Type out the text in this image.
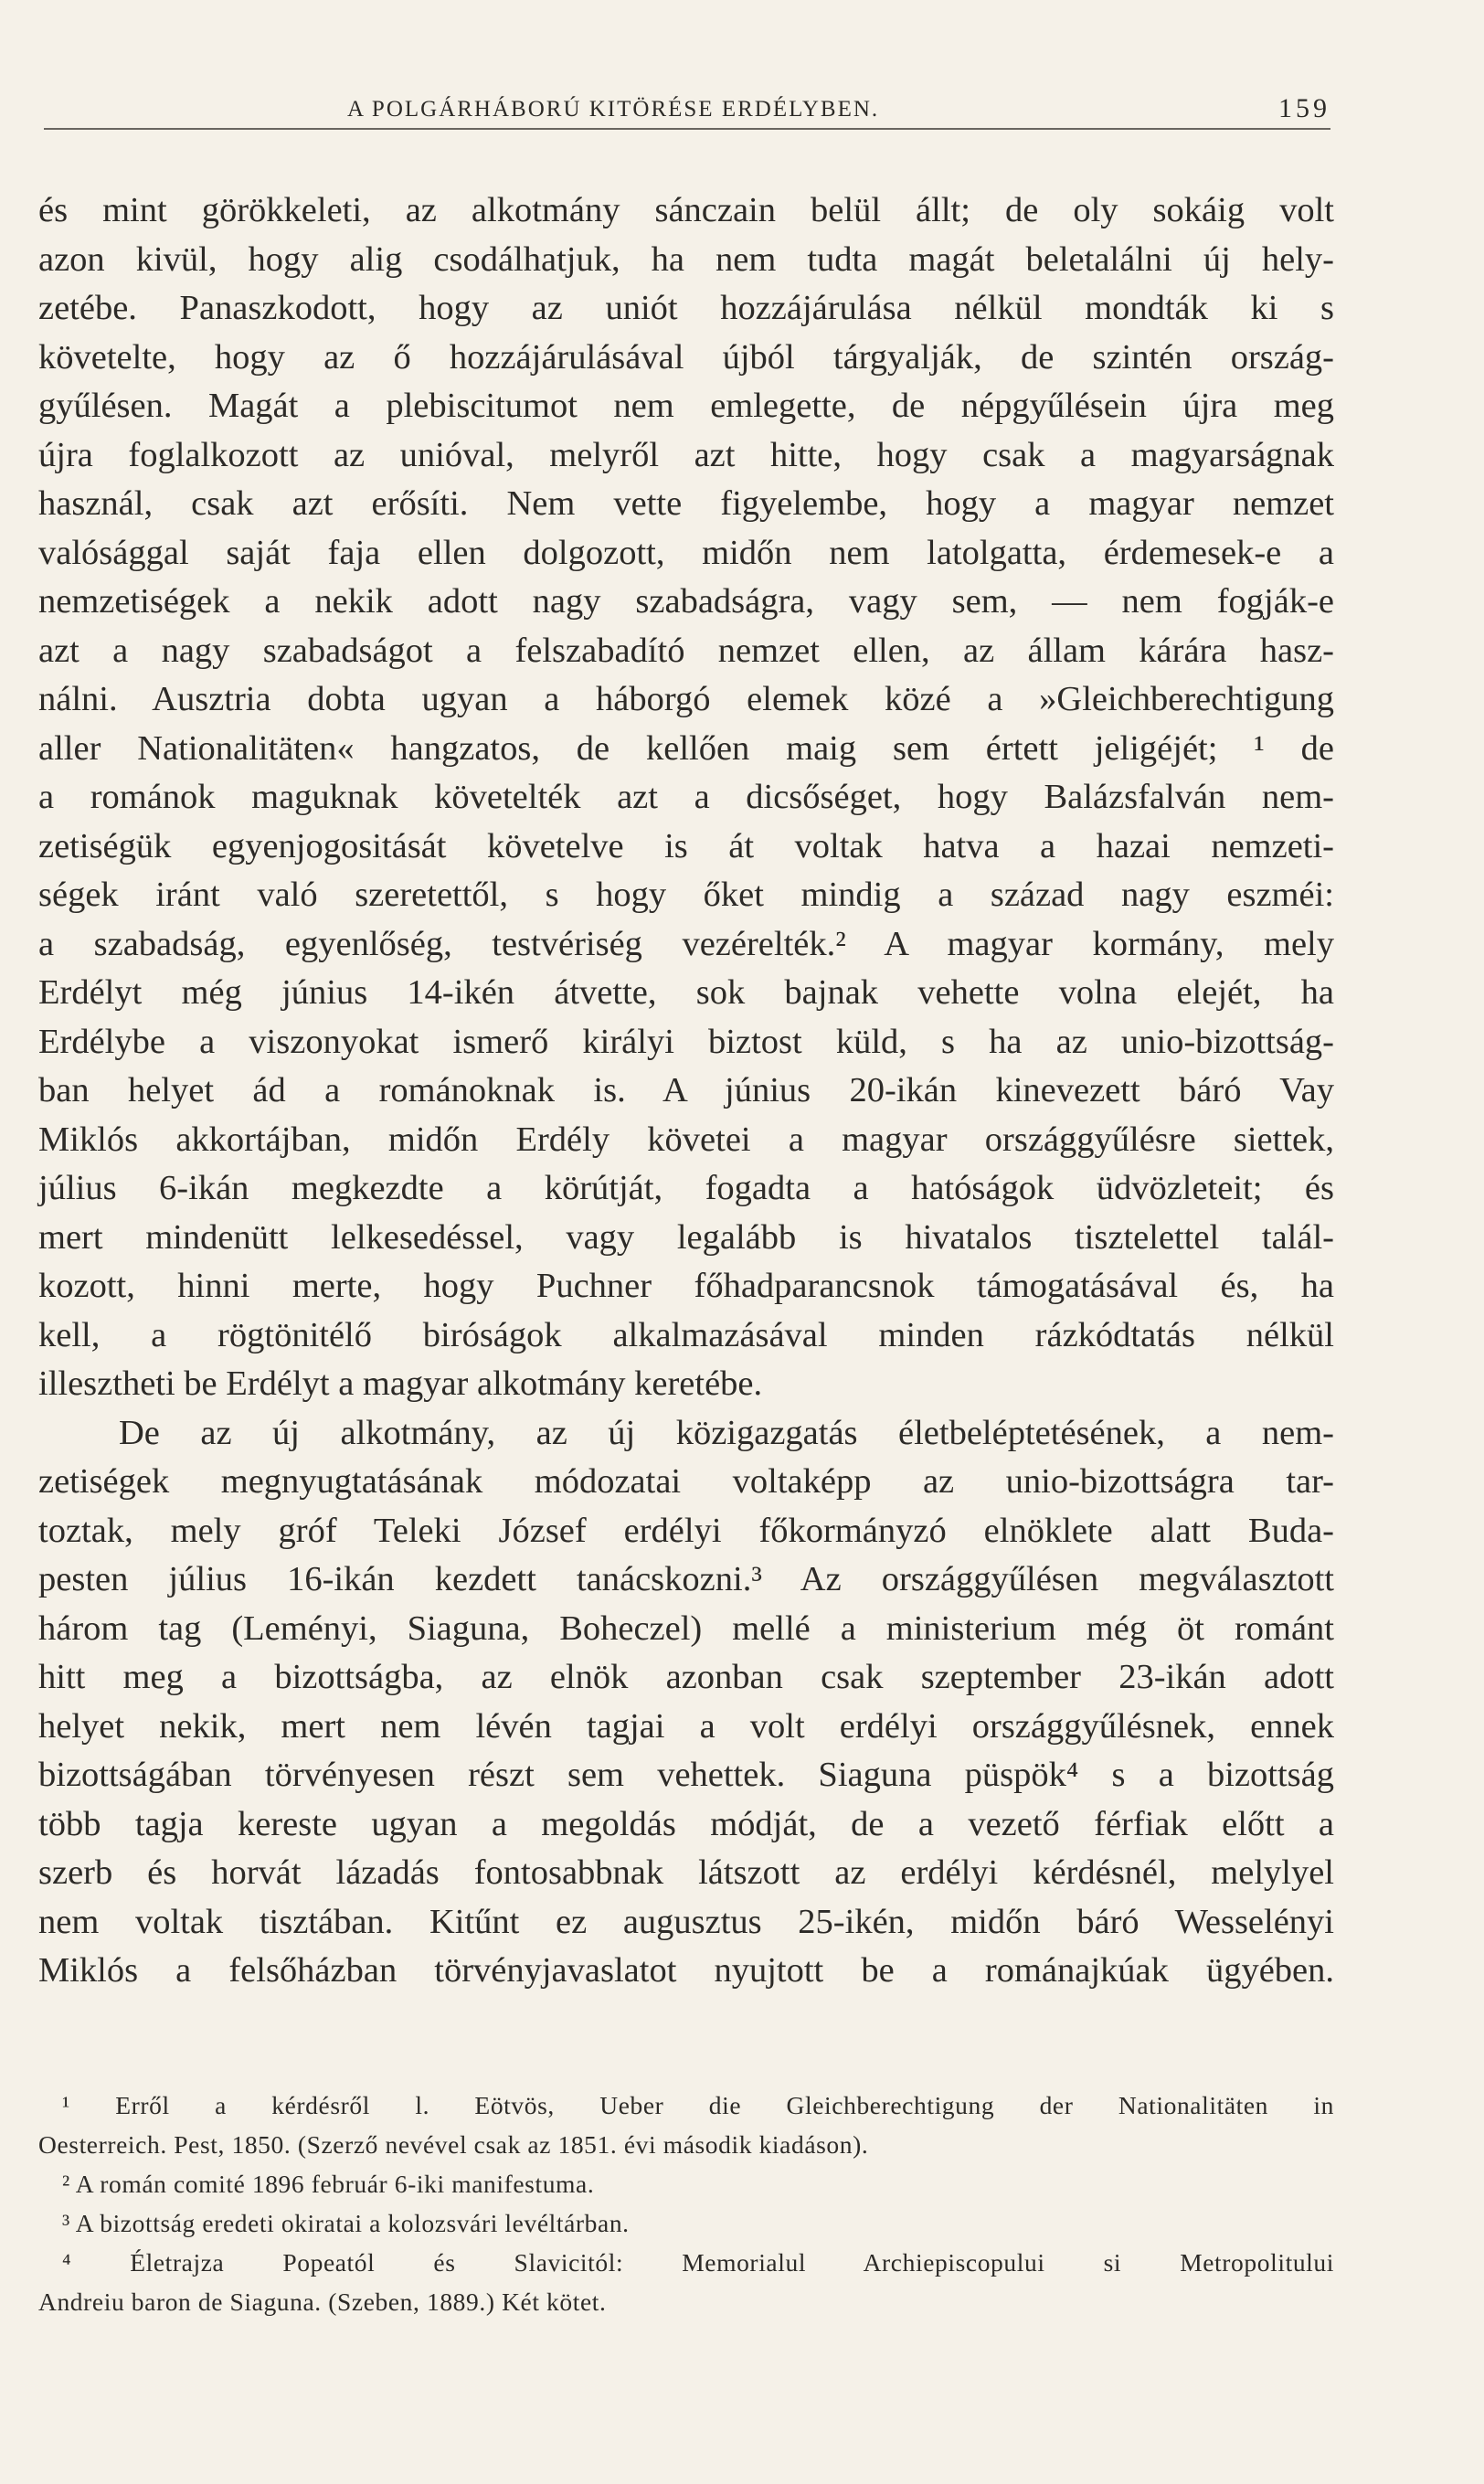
A POLGÁRHÁBORÚ KITÖRÉSE ERDÉLYBEN.	159
és mint görökkeleti, az alkotmány sánczain belül állt; de oly sokáig volt
azon kivül, hogy alig csodálhatjuk, ha nem tudta magát beletalálni új hely-
zetébe. Panaszkodott, hogy az uniót hozzájárulása nélkül mondták ki s
követelte, hogy az ő hozzájárulásával újból tárgyalják, de szintén ország-
gyűlésen. Magát a plebiscitumot nem emlegette, de népgyűlésein újra meg
újra foglalkozott az unióval, melyről azt hitte, hogy csak a magyarságnak
használ, csak azt erősíti. Nem vette figyelembe, hogy a magyar nemzet
valósággal saját faja ellen dolgozott, midőn nem latolgatta, érdemesek-e a
nemzetiségek a nekik adott nagy szabadságra, vagy sem, — nem fogják-e
azt a nagy szabadságot a felszabadító nemzet ellen, az állam kárára hasz-
nálni. Ausztria dobta ugyan a háborgó elemek közé a »Gleichberechtigung
aller Nationalitäten« hangzatos, de kellően maig sem értett jeligéjét; ¹ de
a románok maguknak követelték azt a dicsőséget, hogy Balázsfalván nem-
zetiségük egyenjogositását követelve is át voltak hatva a hazai nemzeti-
ségek iránt való szeretettől, s hogy őket mindig a század nagy eszméi:
a szabadság, egyenlőség, testvériség vezérelték.² A magyar kormány, mely
Erdélyt még június 14-ikén átvette, sok bajnak vehette volna elejét, ha
Erdélybe a viszonyokat ismerő királyi biztost küld, s ha az unio-bizottság-
ban helyet ád a románoknak is. A június 20-ikán kinevezett báró Vay
Miklós akkortájban, midőn Erdély követei a magyar országgyűlésre siettek,
július 6-ikán megkezdte a körútját, fogadta a hatóságok üdvözleteit; és
mert mindenütt lelkesedéssel, vagy legalább is hivatalos tisztelettel talál-
kozott, hinni merte, hogy Puchner főhadparancsnok támogatásával és, ha
kell, a rögtönitélő biróságok alkalmazásával minden rázkódtatás nélkül
illesztheti be Erdélyt a magyar alkotmány keretébe.
De az új alkotmány, az új közigazgatás életbeléptetésének, a nem-
zetiségek megnyugtatásának módozatai voltaképp az unio-bizottságra tar-
toztak, mely gróf Teleki József erdélyi főkormányzó elnöklete alatt Buda-
pesten július 16-ikán kezdett tanácskozni.³ Az országgyűlésen megválasztott
három tag (Leményi, Siaguna, Boheczel) mellé a ministerium még öt románt
hitt meg a bizottságba, az elnök azonban csak szeptember 23-ikán adott
helyet nekik, mert nem lévén tagjai a volt erdélyi országgyűlésnek, ennek
bizottságában törvényesen részt sem vehettek. Siaguna püspök⁴ s a bizottság
több tagja kereste ugyan a megoldás módját, de a vezető férfiak előtt a
szerb és horvát lázadás fontosabbnak látszott az erdélyi kérdésnél, melylyel
nem voltak tisztában. Kitűnt ez augusztus 25-ikén, midőn báró Wesselényi
Miklós a felsőházban törvényjavaslatot nyujtott be a románajkúak ügyében.
¹ Erről a kérdésről l. Eötvös, Ueber die Gleichberechtigung der Nationalitäten in
Oesterreich. Pest, 1850. (Szerző nevével csak az 1851. évi második kiadáson).
² A román comité 1896 február 6-iki manifestuma.
³ A bizottság eredeti okiratai a kolozsvári levéltárban.
⁴ Életrajza Popeatól és Slavicitól: Memorialul Archiepiscopului si Metropolitului
Andreiu baron de Siaguna. (Szeben, 1889.) Két kötet.
